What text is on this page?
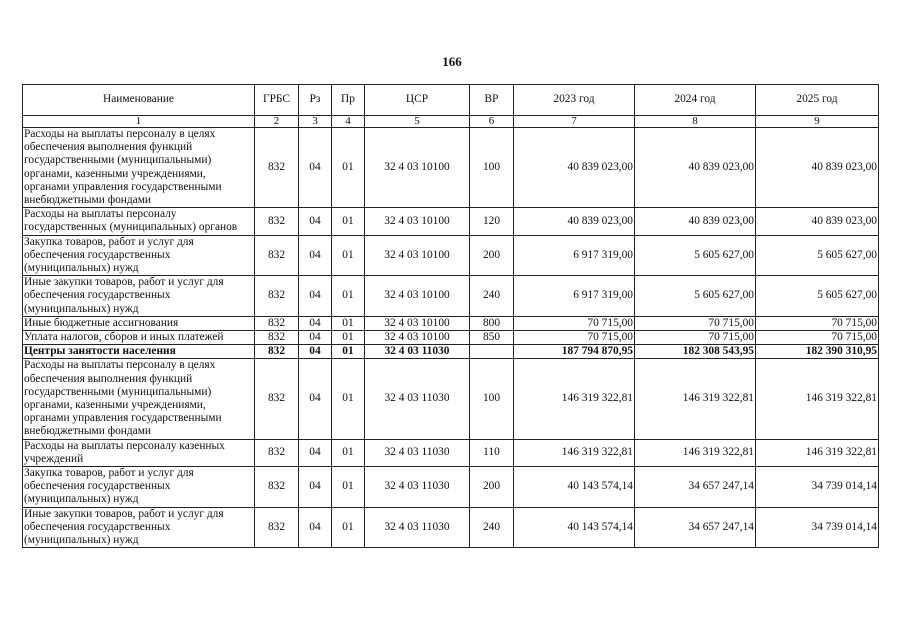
166
Наименование	ГРБС	Рз	Пр	ЦСР	ВР	2023 год	2024 год	2025 год
1	2	3	4	5	6	7	8	9
Расходы на выплаты персоналу в целях обеспечения выполнения функций государственными (муниципальными) органами, казенными учреждениями, органами управления государственными внебюджетными фондами	832	04	01	32 4 03 10100	100	40 839 023,00	40 839 023,00	40 839 023,00
Расходы на выплаты персоналу государственных (муниципальных) органов	832	04	01	32 4 03 10100	120	40 839 023,00	40 839 023,00	40 839 023,00
Закупка товаров, работ и услуг для обеспечения государственных (муниципальных) нужд	832	04	01	32 4 03 10100	200	6 917 319,00	5 605 627,00	5 605 627,00
Иные закупки товаров, работ и услуг для обеспечения государственных (муниципальных) нужд	832	04	01	32 4 03 10100	240	6 917 319,00	5 605 627,00	5 605 627,00
Иные бюджетные ассигнования	832	04	01	32 4 03 10100	800	70 715,00	70 715,00	70 715,00
Уплата налогов, сборов и иных платежей	832	04	01	32 4 03 10100	850	70 715,00	70 715,00	70 715,00
Центры занятости населения	832	04	01	32 4 03 11030		187 794 870,95	182 308 543,95	182 390 310,95
Расходы на выплаты персоналу в целях обеспечения выполнения функций государственными (муниципальными) органами, казенными учреждениями, органами управления государственными внебюджетными фондами	832	04	01	32 4 03 11030	100	146 319 322,81	146 319 322,81	146 319 322,81
Расходы на выплаты персоналу казенных учреждений	832	04	01	32 4 03 11030	110	146 319 322,81	146 319 322,81	146 319 322,81
Закупка товаров, работ и услуг для обеспечения государственных (муниципальных) нужд	832	04	01	32 4 03 11030	200	40 143 574,14	34 657 247,14	34 739 014,14
Иные закупки товаров, работ и услуг для обеспечения государственных (муниципальных) нужд	832	04	01	32 4 03 11030	240	40 143 574,14	34 657 247,14	34 739 014,14
